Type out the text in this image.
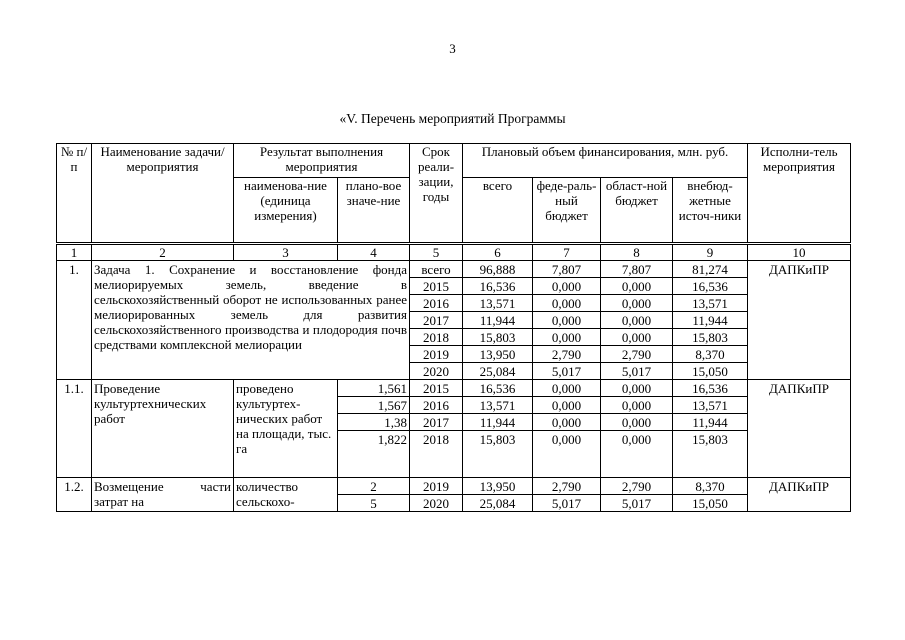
3
«V. Перечень мероприятий Программы
№ п/п	Наименование задачи/ мероприятия	Результат выполнения мероприятия		Срок реали-зации, годы	Плановый объем финансирования, млн. руб.				Исполни-тель мероприятия
		наименова-ние (единица измерения)	плано-вое значе-ние		всего	феде-раль-ный бюджет	област-ной бюджет	внебюд-жетные источ-ники	
1	2	3	4	5	6	7	8	9	10
1.	Задача 1. Сохранение и восстановление фонда мелиорируемых земель, введение в сельскохозяйственный оборот не использованных ранее мелиорированных земель для развития сельскохозяйственного производства и плодородия почв средствами комплексной мелиорации			всего	96,888	7,807	7,807	81,274	ДАПКиПР
				2015	16,536	0,000	0,000	16,536	
				2016	13,571	0,000	0,000	13,571	
				2017	11,944	0,000	0,000	11,944	
				2018	15,803	0,000	0,000	15,803	
				2019	13,950	2,790	2,790	8,370	
				2020	25,084	5,017	5,017	15,050	
1.1.	Проведение культуртехнических работ	проведено культуртех-нических работ на площади, тыс. га	1,561	2015	16,536	0,000	0,000	16,536	ДАПКиПР
			1,567	2016	13,571	0,000	0,000	13,571	
			1,38	2017	11,944	0,000	0,000	11,944	
			1,822	2018	15,803	0,000	0,000	15,803	
1.2.	Возмещение части затрат на	количество сельскохо-	2	2019	13,950	2,790	2,790	8,370	ДАПКиПР
			5	2020	25,084	5,017	5,017	15,050	
